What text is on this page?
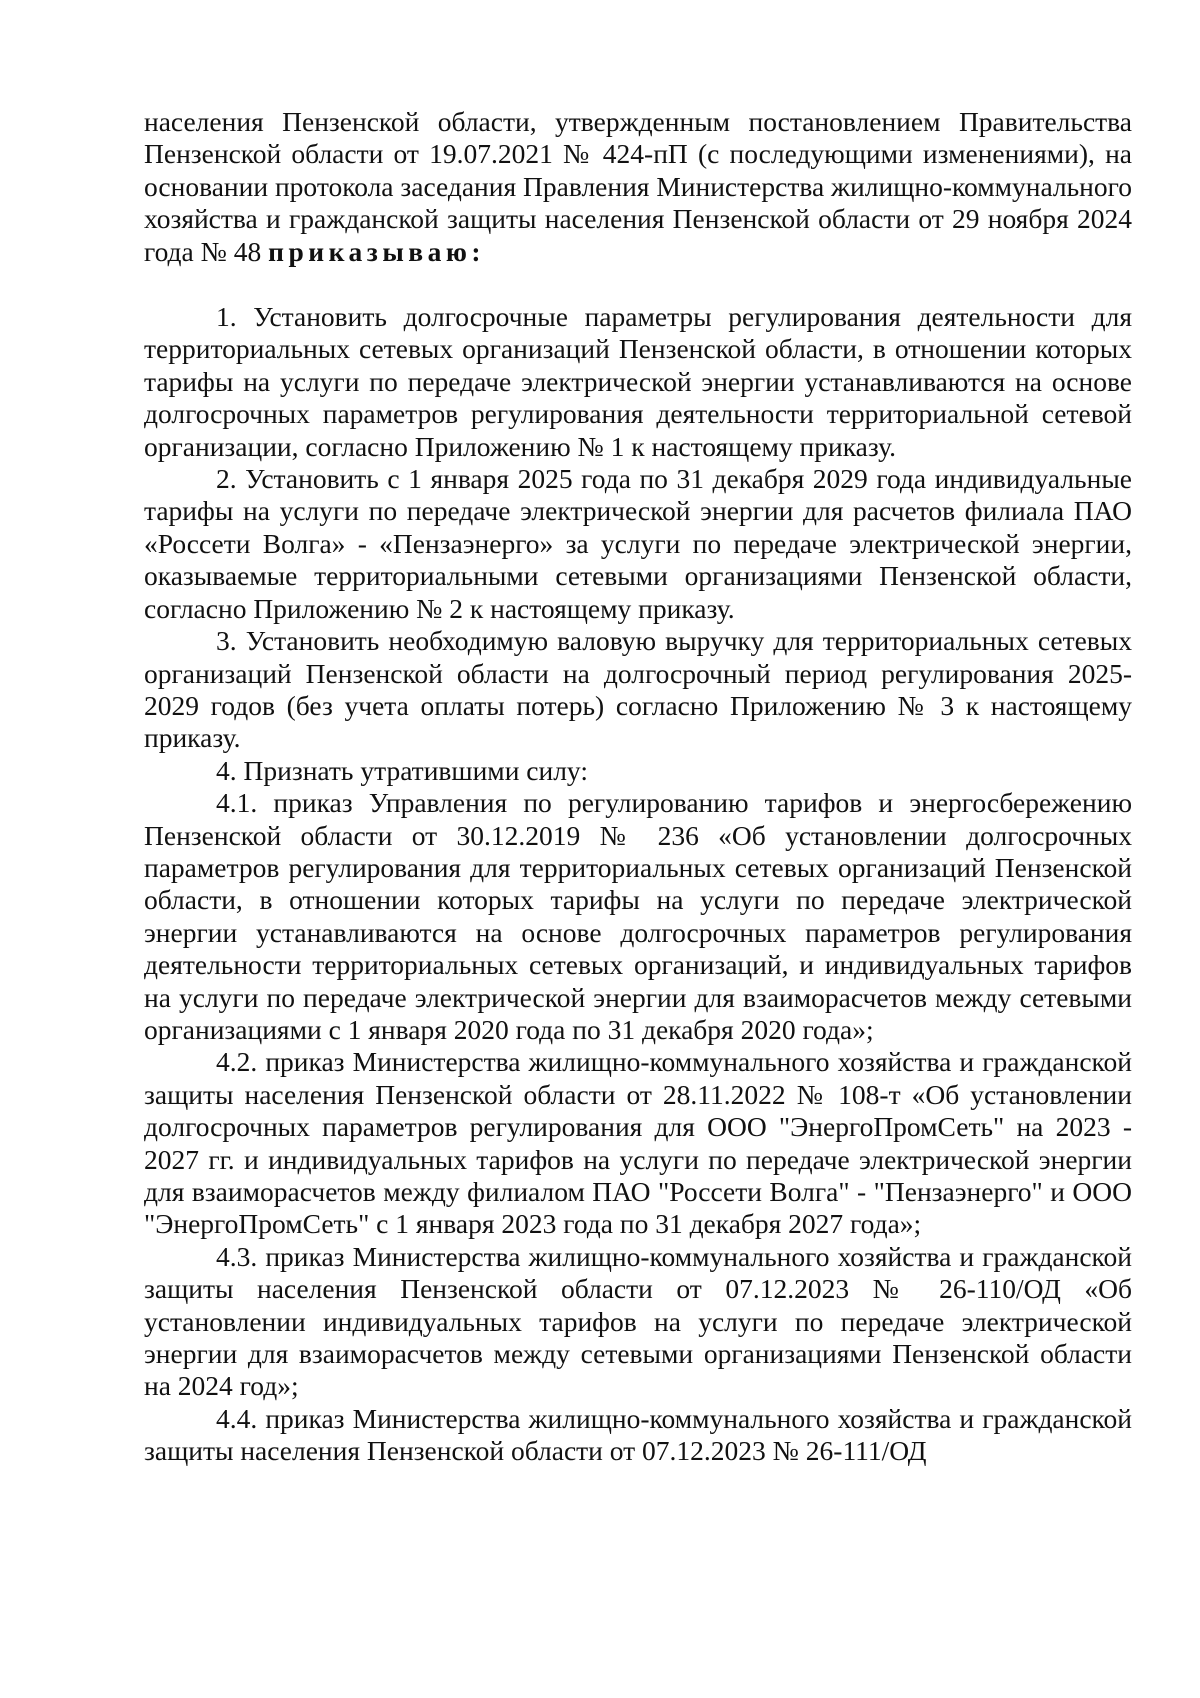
населения Пензенской области, утвержденным постановлением Правительства Пензенской области от 19.07.2021 № 424-пП (с последующими изменениями), на основании протокола заседания Правления Министерства жилищно-коммунального хозяйства и гражданской защиты населения Пензенской области от 29 ноября 2024 года № 48 приказываю:

1. Установить долгосрочные параметры регулирования деятельности для территориальных сетевых организаций Пензенской области, в отношении которых тарифы на услуги по передаче электрической энергии устанавливаются на основе долгосрочных параметров регулирования деятельности территориальной сетевой организации, согласно Приложению № 1 к настоящему приказу.

2. Установить с 1 января 2025 года по 31 декабря 2029 года индивидуальные тарифы на услуги по передаче электрической энергии для расчетов филиала ПАО «Россети Волга» - «Пензаэнерго» за услуги по передаче электрической энергии, оказываемые территориальными сетевыми организациями Пензенской области, согласно Приложению № 2 к настоящему приказу.

3. Установить необходимую валовую выручку для территориальных сетевых организаций Пензенской области на долгосрочный период регулирования 2025-2029 годов (без учета оплаты потерь) согласно Приложению № 3 к настоящему приказу.

4. Признать утратившими силу:

4.1. приказ Управления по регулированию тарифов и энергосбережению Пензенской области от 30.12.2019 № 236 «Об установлении долгосрочных параметров регулирования для территориальных сетевых организаций Пензенской области, в отношении которых тарифы на услуги по передаче электрической энергии устанавливаются на основе долгосрочных параметров регулирования деятельности территориальных сетевых организаций, и индивидуальных тарифов на услуги по передаче электрической энергии для взаиморасчетов между сетевыми организациями с 1 января 2020 года по 31 декабря 2020 года»;

4.2. приказ Министерства жилищно-коммунального хозяйства и гражданской защиты населения Пензенской области от 28.11.2022 № 108-т «Об установлении долгосрочных параметров регулирования для ООО "ЭнергоПромСеть" на 2023 - 2027 гг. и индивидуальных тарифов на услуги по передаче электрической энергии для взаиморасчетов между филиалом ПАО "Россети Волга" - "Пензаэнерго" и ООО "ЭнергоПромСеть" с 1 января 2023 года по 31 декабря 2027 года»;

4.3. приказ Министерства жилищно-коммунального хозяйства и гражданской защиты населения Пензенской области от 07.12.2023 № 26-110/ОД «Об установлении индивидуальных тарифов на услуги по передаче электрической энергии для взаиморасчетов между сетевыми организациями Пензенской области на 2024 год»;

4.4. приказ Министерства жилищно-коммунального хозяйства и гражданской защиты населения Пензенской области от 07.12.2023 № 26-111/ОД
